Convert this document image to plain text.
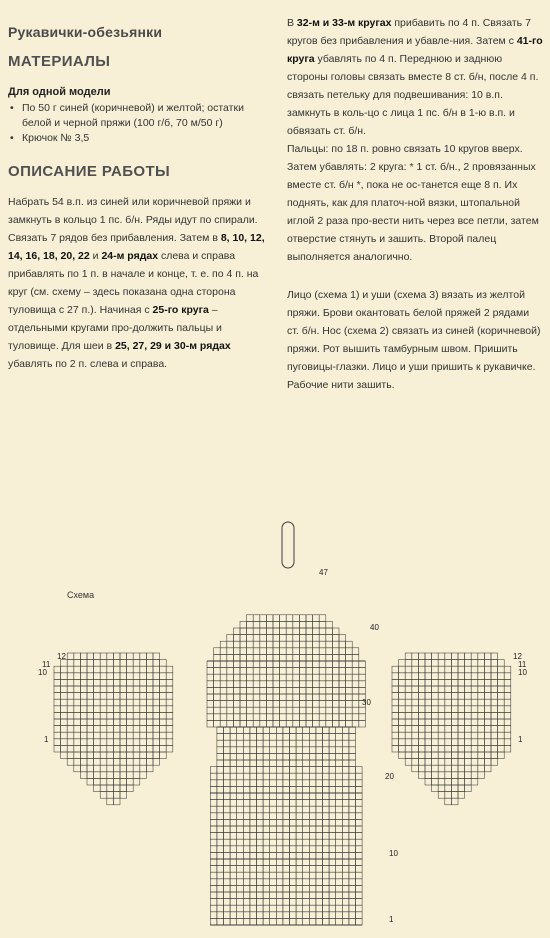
Рукавички-обезьянки
МАТЕРИАЛЫ
Для одной модели
• По 50 г синей (коричневой) и желтой; остатки белой и черной пряжи (100 г/б, 70 м/50 г)
• Крючок № 3,5
ОПИСАНИЕ РАБОТЫ

Набрать 54 в.п. из синей или коричневой пряжи и замкнуть в кольцо 1 пс. б/н. Ряды идут по спирали. Связать 7 рядов без прибавления. Затем в 8, 10, 12, 14, 16, 18, 20, 22 и 24-м рядах слева и справа прибавлять по 1 п. в начале и конце, т. е. по 4 п. на круг (см. схему – здесь показана одна сторона туловища с 27 п.). Начиная с 25-го круга –отдельными кругами про-должить пальцы и туловище. Для шеи в 25, 27, 29 и 30-м рядах убавлять по 2 п. слева и справа.

В 32-м и 33-м кругах прибавить по 4 п. Связать 7 кругов без прибавления и убавле-ния. Затем с 41-го круга убавлять по 4 п. Переднюю и заднюю стороны головы связать вместе 8 ст. б/н, после 4 п. связать петельку для подвешивания: 10 в.п. замкнуть в коль-цо с лица 1 пс. б/н в 1-ю в.п. и обвязать ст. б/н.

Пальцы: по 18 п. ровно связать 10 кругов вверх. Затем убавлять: 2 круга: * 1 ст. б/н., 2 провязанных вместе ст. б/н *, пока не ос-танется еще 8 п. Их поднять, как для платоч-ной вязки, штопальной иглой 2 раза про-вести нить через все петли, затем отверстие стянуть и зашить. Второй палец выполняется аналогично.

Лицо (схема 1) и уши (схема 3) вязать из желтой пряжи. Брови окантовать белой пряжей 2 рядами ст. б/н. Нос (схема 2) связать из синей (коричневой) пряжи. Рот вышить тамбурным швом. Пришить пуговицы-глазки. Лицо и уши пришить к рукавичке. Рабочие нити зашить.

Схема
47
40
30
20
10
1
12
11
10
1
12
11
10
1
